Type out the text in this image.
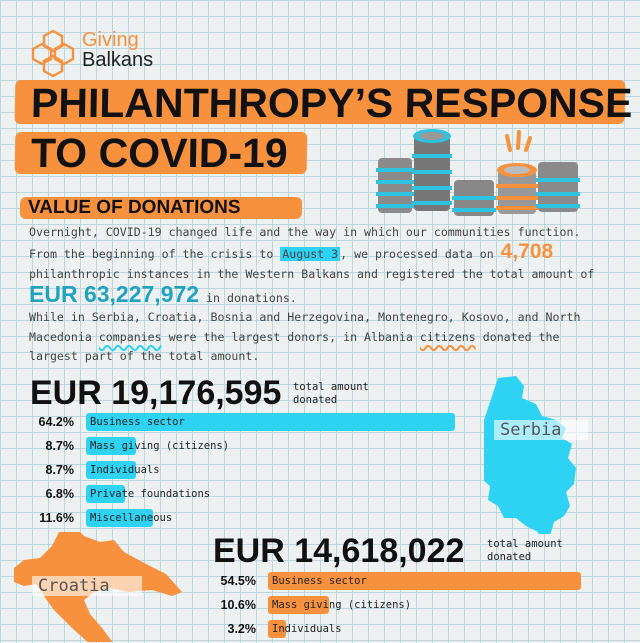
Giving
Balkans
PHILANTHROPY’S RESPONSE
TO COVID-19
VALUE OF DONATIONS
Overnight, COVID-19 changed life and the way in which our communities function.
From the beginning of the crisis to August 3 , we processed data on 4,708
philanthropic instances in the Western Balkans and registered the total amount of
EUR 63,227,972 in donations.
While in Serbia, Croatia, Bosnia and Herzegovina, Montenegro, Kosovo, and North
Macedonia companies were the largest donors, in Albania citizens donated the
largest part of the total amount.
Serbia
Croatia
EUR 19,176,595 total amount donated
64.2% Business sector
8.7% Mass giving (citizens)
8.7% Individuals
6.8% Private foundations
11.6% Miscellaneous
EUR 14,618,022 total amount donated
54.5% Business sector
10.6% Mass giving (citizens)
3.2% Individuals
